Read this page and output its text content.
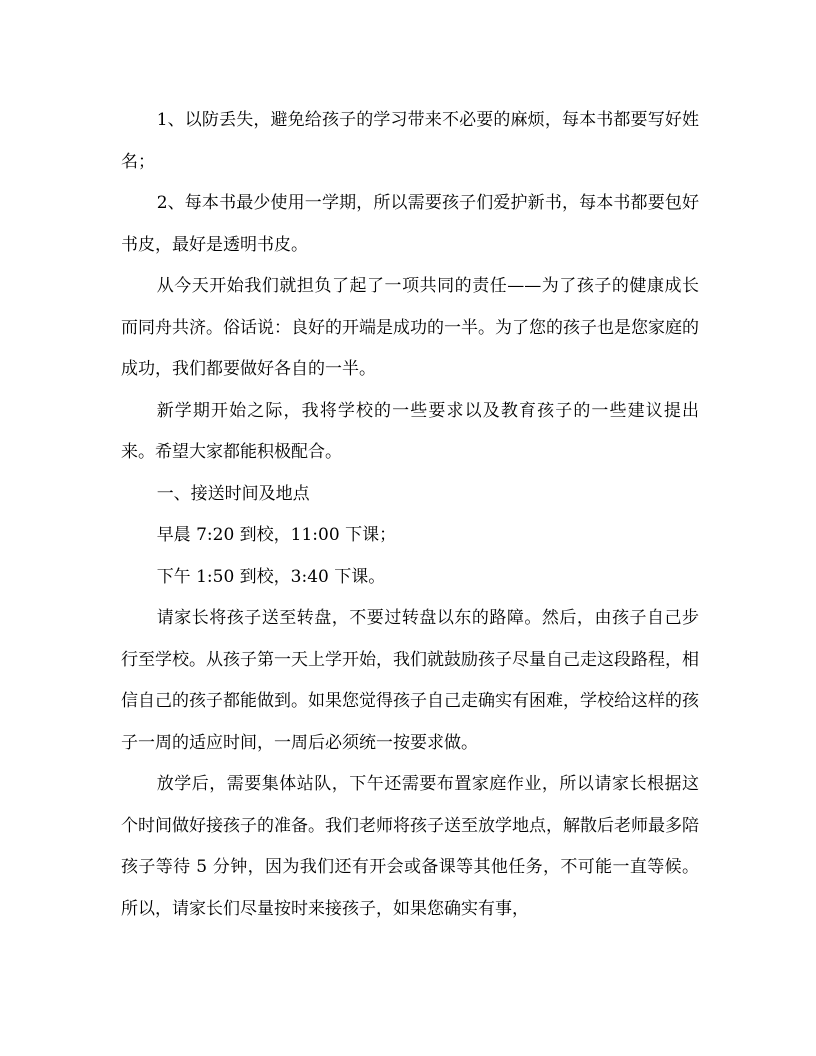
1、以防丢失，避免给孩子的学习带来不必要的麻烦，每本书都要写好姓名；

2、每本书最少使用一学期，所以需要孩子们爱护新书，每本书都要包好书皮，最好是透明书皮。

从今天开始我们就担负了起了一项共同的责任——为了孩子的健康成长而同舟共济。俗话说：良好的开端是成功的一半。为了您的孩子也是您家庭的成功，我们都要做好各自的一半。

新学期开始之际，我将学校的一些要求以及教育孩子的一些建议提出来。希望大家都能积极配合。

一、接送时间及地点

早晨 7:20 到校，11:00 下课；

下午 1:50 到校，3:40 下课。

请家长将孩子送至转盘，不要过转盘以东的路障。然后，由孩子自己步行至学校。从孩子第一天上学开始，我们就鼓励孩子尽量自己走这段路程，相信自己的孩子都能做到。如果您觉得孩子自己走确实有困难，学校给这样的孩子一周的适应时间，一周后必须统一按要求做。

放学后，需要集体站队，下午还需要布置家庭作业，所以请家长根据这个时间做好接孩子的准备。我们老师将孩子送至放学地点，解散后老师最多陪孩子等待 5 分钟，因为我们还有开会或备课等其他任务，不可能一直等候。所以，请家长们尽量按时来接孩子，如果您确实有事，
